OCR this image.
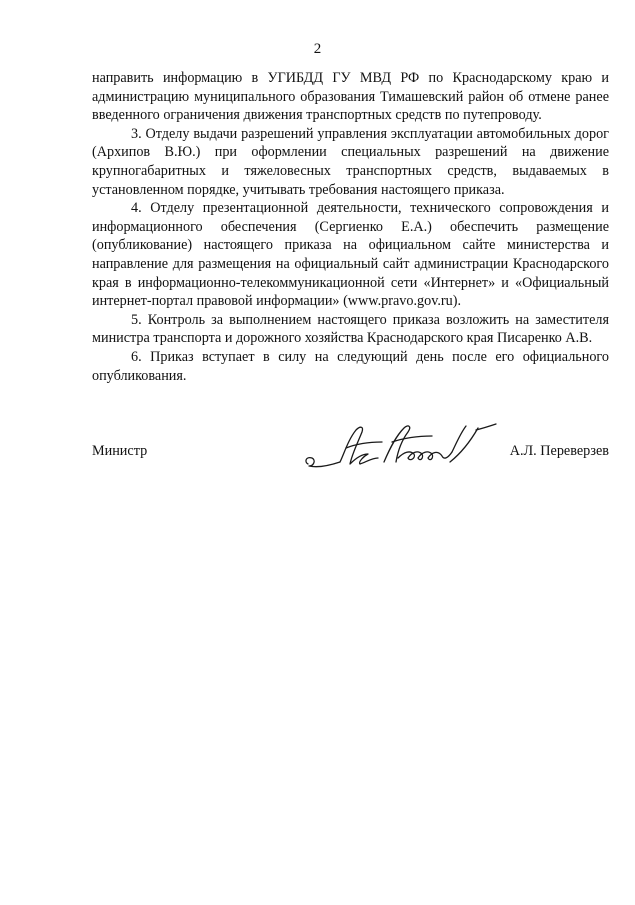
2

направить информацию в УГИБДД ГУ МВД РФ по Краснодарскому краю и администрацию муниципального образования Тимашевский район об отмене ранее введенного ограничения движения транспортных средств по путепроводу.

3. Отделу выдачи разрешений управления эксплуатации автомобильных дорог (Архипов В.Ю.) при оформлении специальных разрешений на движение крупногабаритных и тяжеловесных транспортных средств, выдаваемых в установленном порядке, учитывать требования настоящего приказа.

4. Отделу презентационной деятельности, технического сопровождения и информационного обеспечения (Сергиенко Е.А.) обеспечить размещение (опубликование) настоящего приказа на официальном сайте министерства и направление для размещения на официальный сайт администрации Краснодарского края в информационно-телекоммуникационной сети «Интернет» и «Официальный интернет-портал правовой информации» (www.pravo.gov.ru).

5. Контроль за выполнением настоящего приказа возложить на заместителя министра транспорта и дорожного хозяйства Краснодарского края Писаренко А.В.

6. Приказ вступает в силу на следующий день после его официального опубликования.

Министр	А.Л. Переверзев
